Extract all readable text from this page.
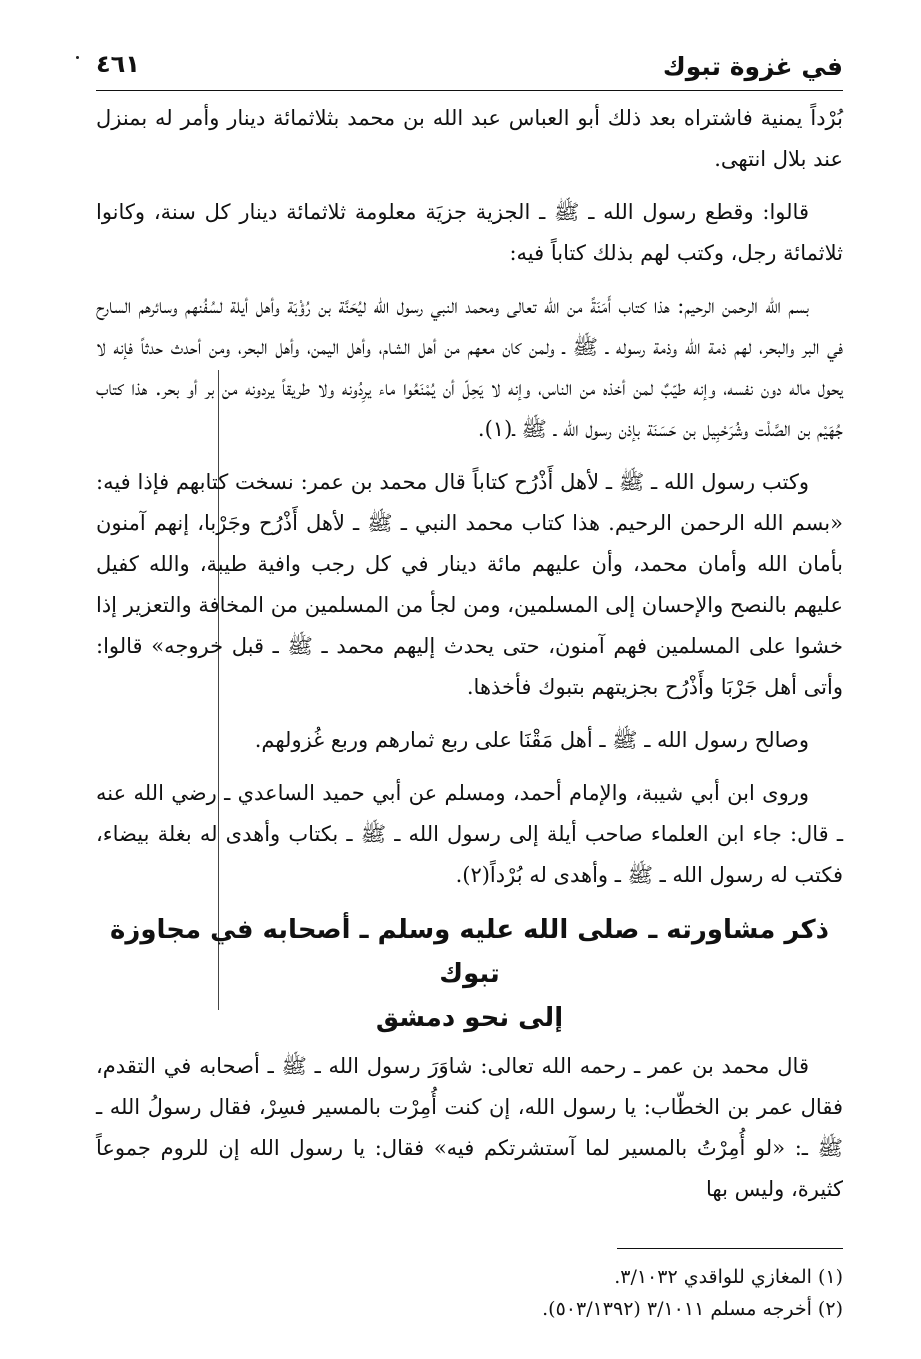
في غزوة تبوك
٤٦١

بُرْداً يمنية فاشتراه بعد ذلك أبو العباس عبد الله بن محمد بثلاثمائة دينار وأمر له بمنزل عند بلال انتهى.

قالوا: وقطع رسول الله ـ ﷺ ـ الجزية جزيَة معلومة ثلاثمائة دينار كل سنة، وكانوا ثلاثمائة رجل، وكتب لهم بذلك كتاباً فيه:

بسم الله الرحمن الرحيم: هذا كتاب أَمَنَةً من الله تعالى ومحمد النبي رسول الله ليُحَنَّة بن رُؤْبَة وأهل أيلة لسُفُنهم وسائرهم السارح في البر والبحر، لهم ذمة الله وذمة رسوله ـ ﷺ ـ ولمن كان معهم من أهل الشام، وأهل اليمن، وأهل البحر، ومن أحدث حدثاً فإنه لا يحول ماله دون نفسه، وإنه طيّبٌ لمن أخذه من الناس، وإنه لا يَحِلّ أن يُمْنَعُوا ماء يرِدُونه ولا طريقاً يردونه من بر أو بحر. هذا كتاب جُهَيْم بن الصَّلْت وشُرَحْبِيل بن حَسَنَة بإذن رسول الله ـ ﷺ ـ(١).

وكتب رسول الله ـ ﷺ ـ لأهل أَذْرُح كتاباً قال محمد بن عمر: نسخت كتابهم فإذا فيه: «بسم الله الرحمن الرحيم. هذا كتاب محمد النبي ـ ﷺ ـ لأهل أَذْرُح وجَرْبا، إنهم آمنون بأمان الله وأمان محمد، وأن عليهم مائة دينار في كل رجب وافية طيبة، والله كفيل عليهم بالنصح والإحسان إلى المسلمين، ومن لجأ من المسلمين من المخافة والتعزير إذا خشوا على المسلمين فهم آمنون، حتى يحدث إليهم محمد ـ ﷺ ـ قبل خروجه» قالوا: وأتى أهل جَرْبَا وأَذْرُح بجزيتهم بتبوك فأخذها.

وصالح رسول الله ـ ﷺ ـ أهل مَقْنَا على ربع ثمارهم وربع غُزولهم.

وروى ابن أبي شيبة، والإمام أحمد، ومسلم عن أبي حميد الساعدي ـ رضي الله عنه ـ قال: جاء ابن العلماء صاحب أيلة إلى رسول الله ـ ﷺ ـ بكتاب وأهدى له بغلة بيضاء، فكتب له رسول الله ـ ﷺ ـ وأهدى له بُرْداً(٢).

ذكر مشاورته ـ صلى الله عليه وسلم ـ أصحابه في مجاوزة تبوك
إلى نحو دمشق

قال محمد بن عمر ـ رحمه الله تعالى: شاوَرَ رسول الله ـ ﷺ ـ أصحابه في التقدم، فقال عمر بن الخطّاب: يا رسول الله، إن كنت أُمِرْت بالمسير فسِرْ، فقال رسولُ الله ـ ﷺ ـ: «لو أُمِرْتُ بالمسير لما آستشرتكم فيه» فقال: يا رسول الله إن للروم جموعاً كثيرة، وليس بها

(١) المغازي للواقدي ٣/١٠٣٢.
(٢) أخرجه مسلم ٣/١٠١١ (٥٠٣/١٣٩٢).
